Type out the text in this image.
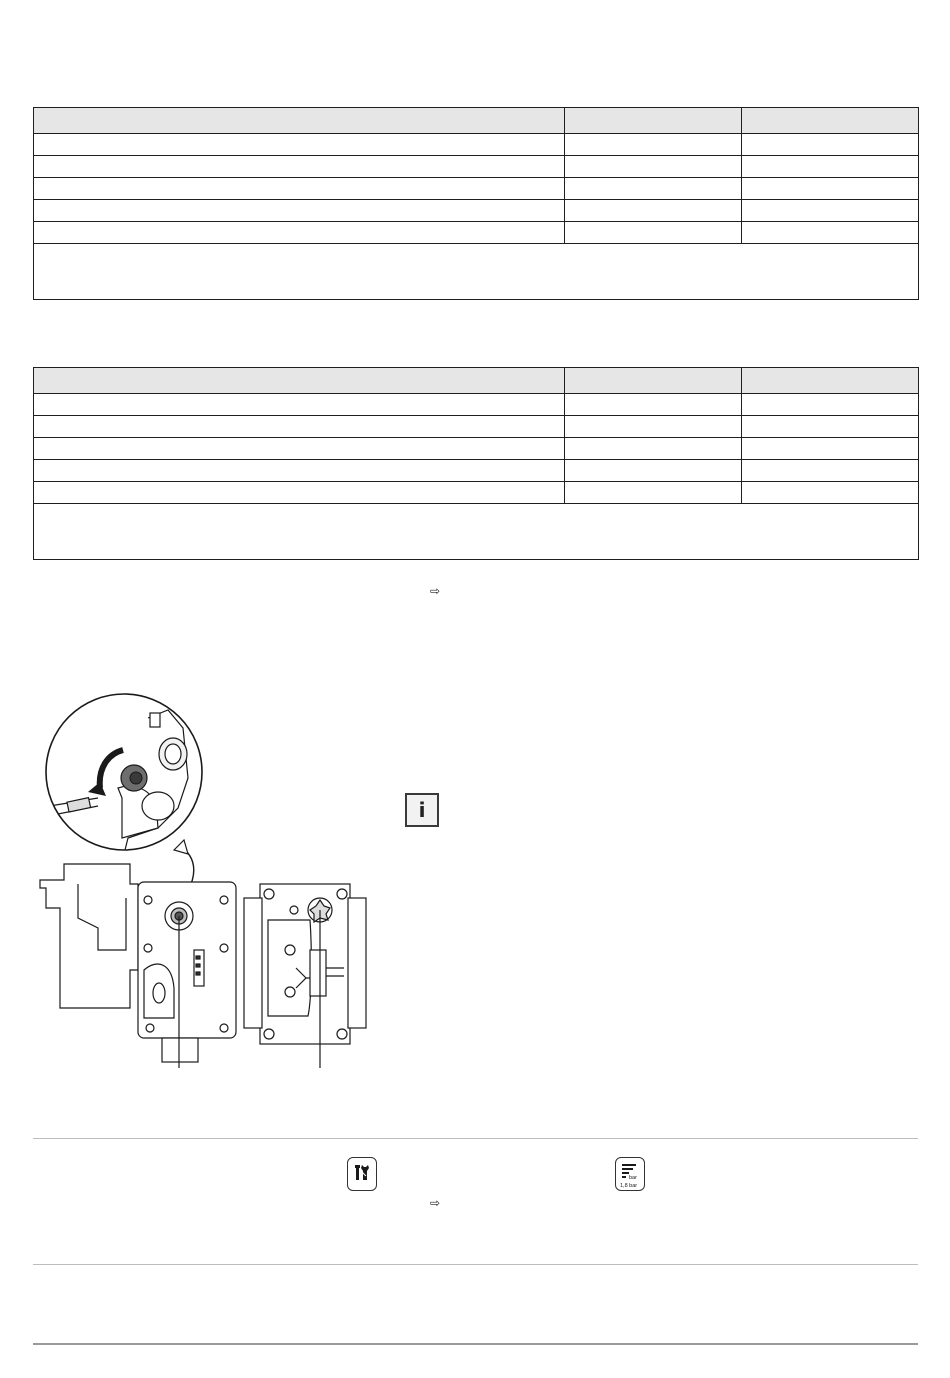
⇨
i
bar
1,8 bar
⇨
